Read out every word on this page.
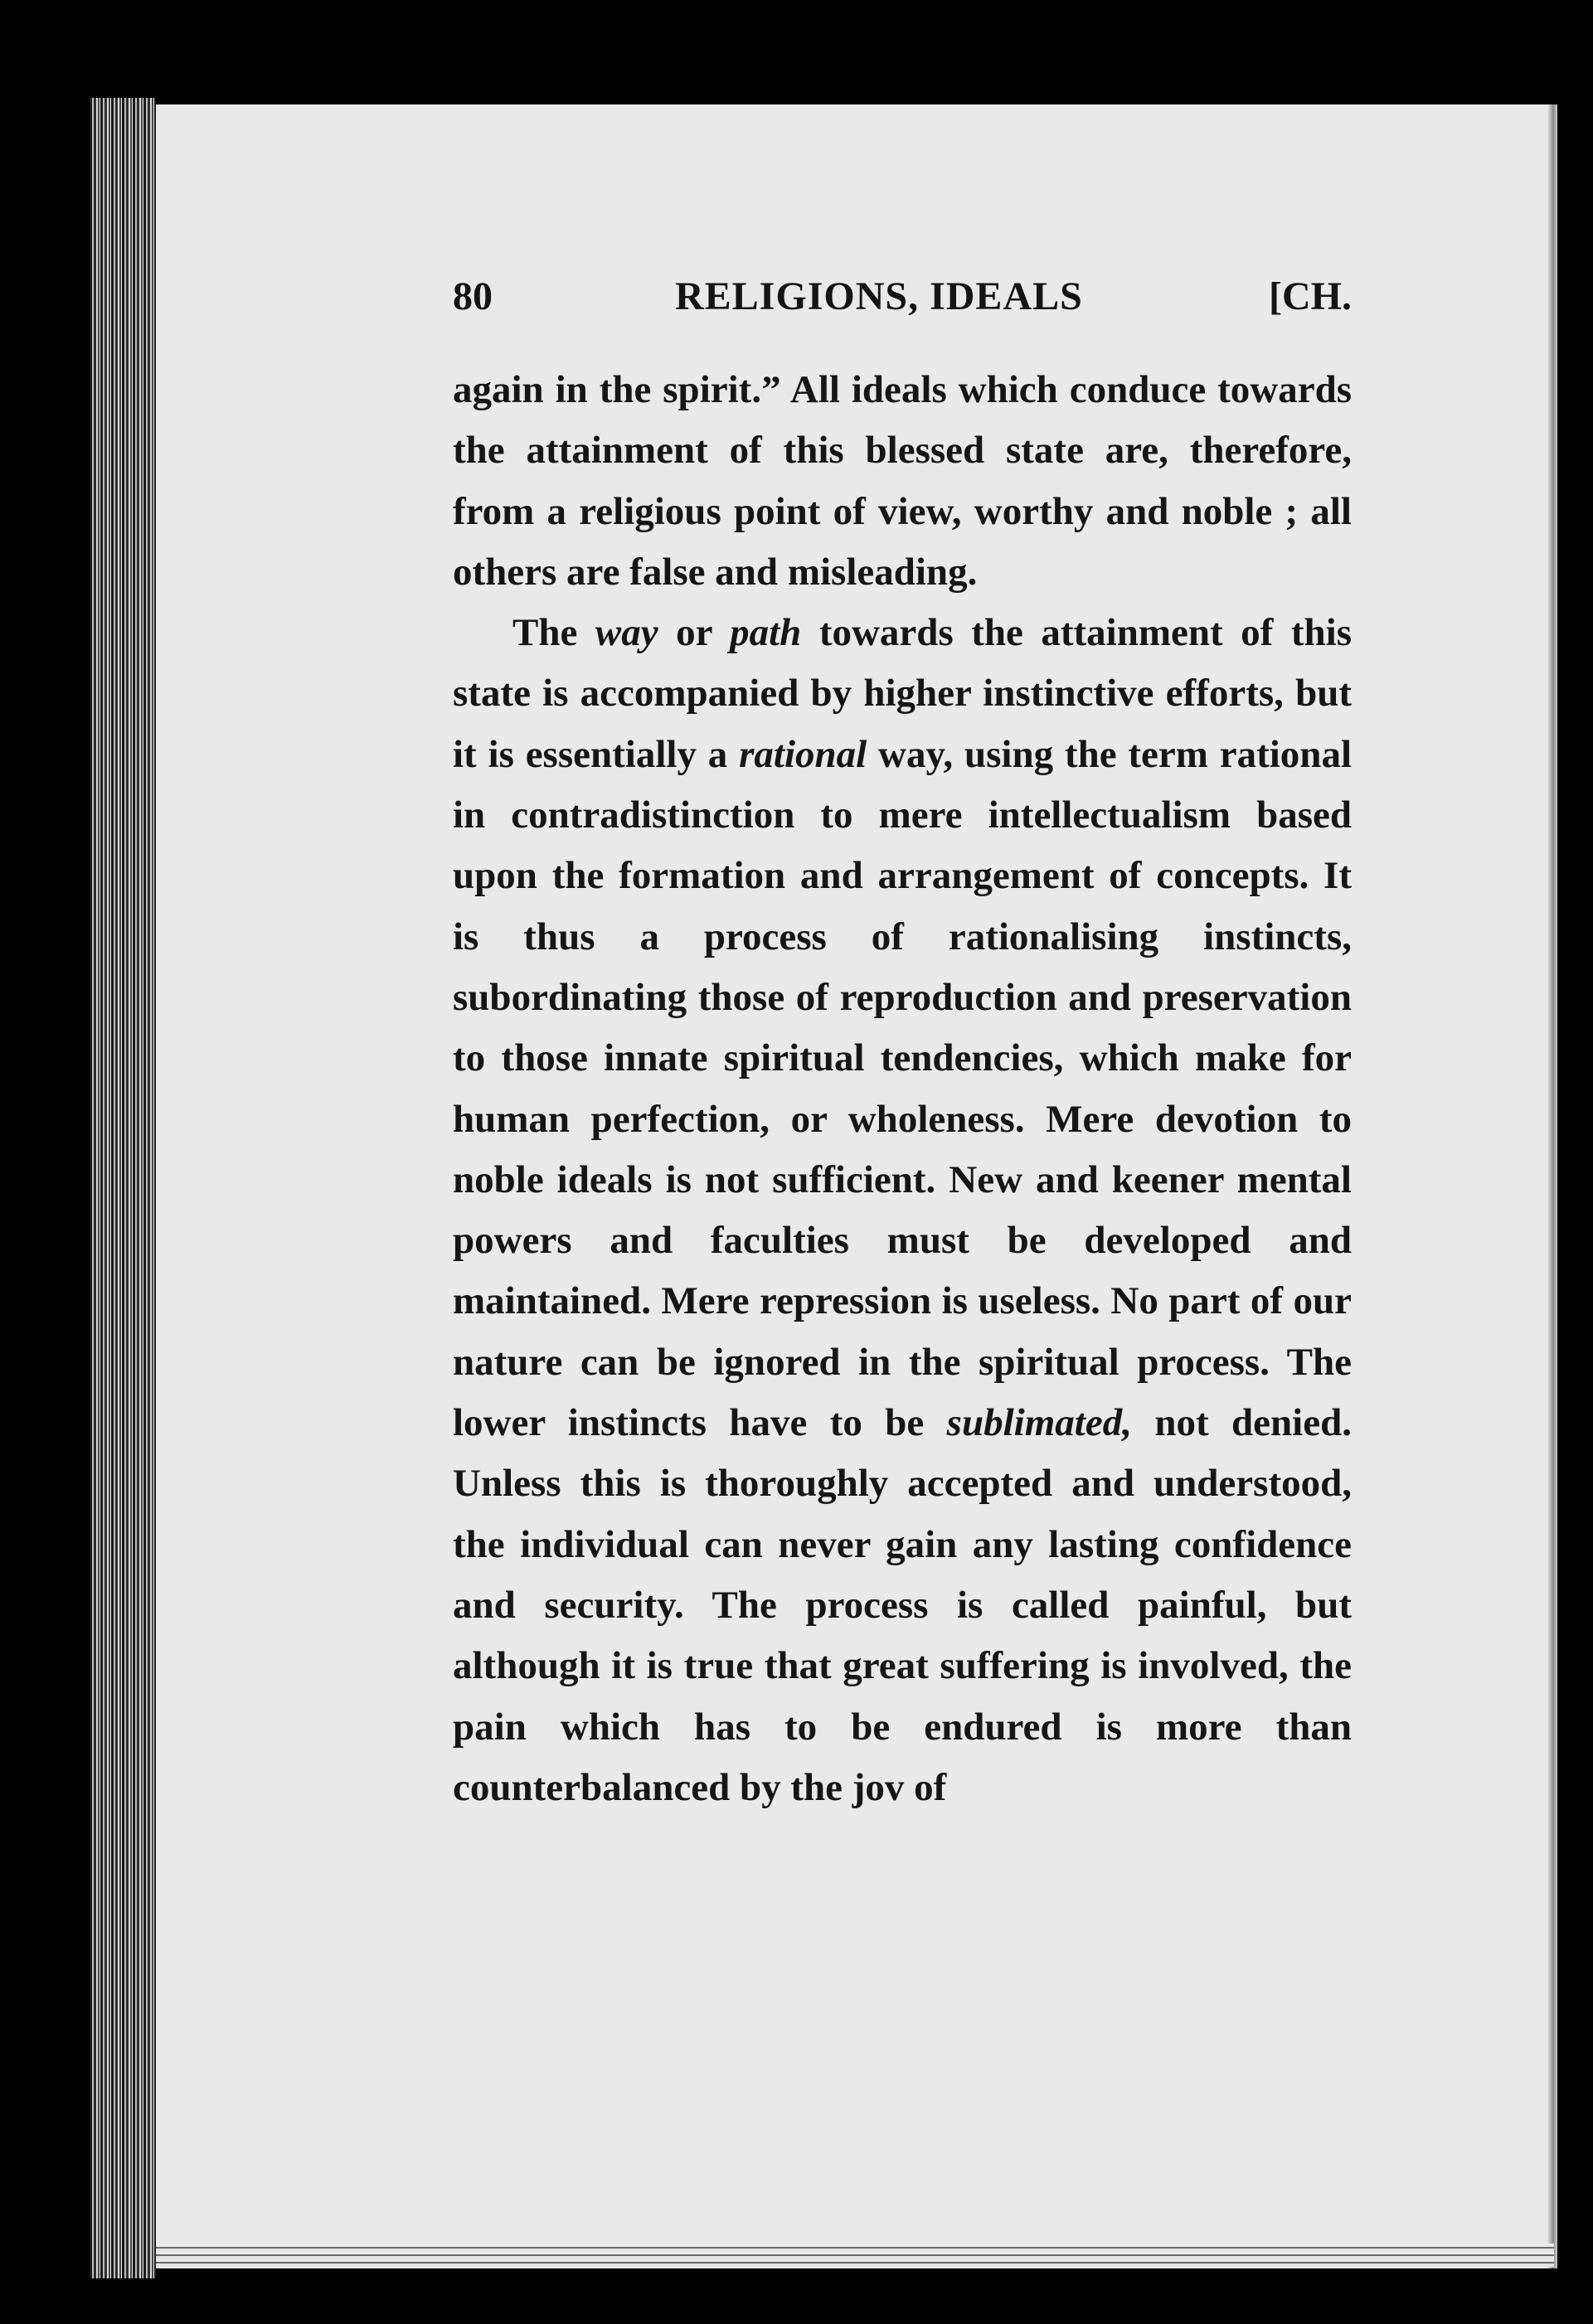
80	RELIGIONS, IDEALS	[CH.

again in the spirit.” All ideals which conduce towards the attainment of this blessed state are, therefore, from a religious point of view, worthy and noble ; all others are false and misleading.

The way or path towards the attainment of this state is accompanied by higher instinctive efforts, but it is essentially a rational way, using the term rational in contradistinction to mere intellectualism based upon the formation and arrangement of concepts. It is thus a process of rationalising instincts, subordinating those of reproduction and preservation to those innate spiritual tendencies, which make for human perfection, or wholeness. Mere devotion to noble ideals is not sufficient. New and keener mental powers and faculties must be developed and maintained. Mere repression is useless. No part of our nature can be ignored in the spiritual process. The lower instincts have to be sublimated, not denied. Unless this is thoroughly accepted and understood, the individual can never gain any lasting confidence and security. The process is called painful, but although it is true that great suffering is involved, the pain which has to be endured is more than counterbalanced by the jov of
